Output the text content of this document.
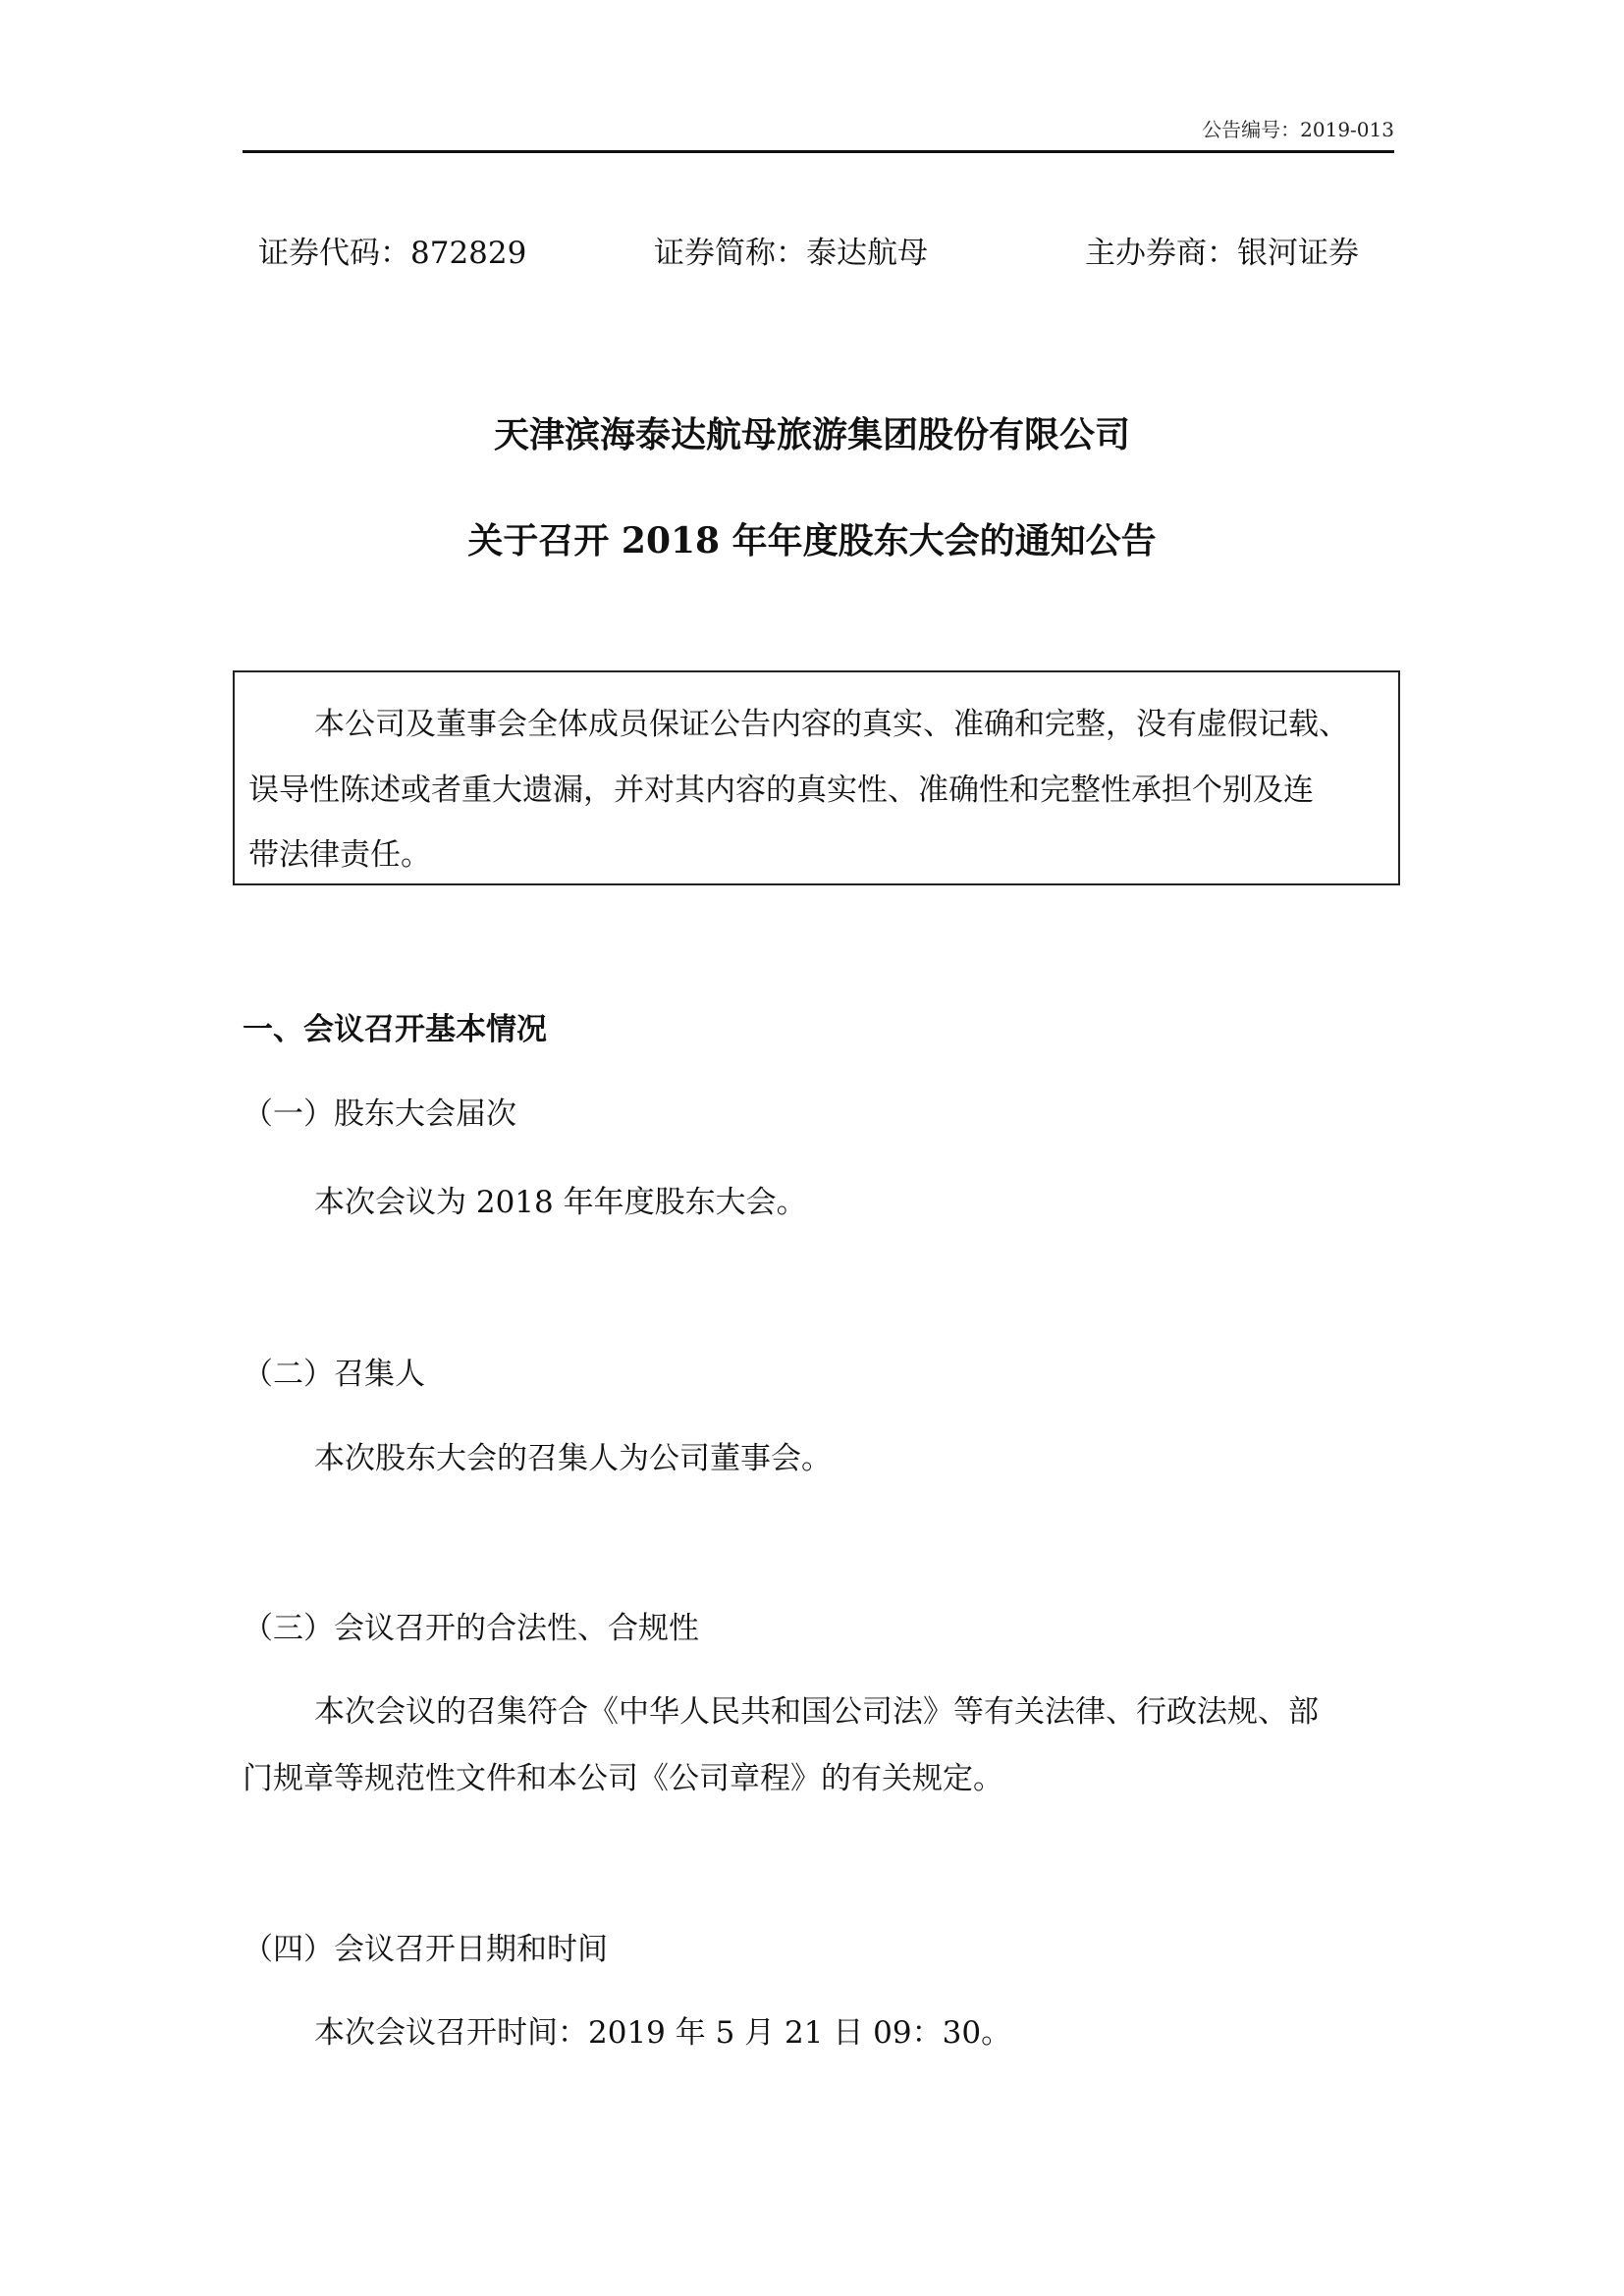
公告编号：2019-013

证券代码：872829	证券简称：泰达航母	主办券商：银河证券

天津滨海泰达航母旅游集团股份有限公司
关于召开 2018 年年度股东大会的通知公告

本公司及董事会全体成员保证公告内容的真实、准确和完整，没有虚假记载、

误导性陈述或者重大遗漏，并对其内容的真实性、准确性和完整性承担个别及连

带法律责任。

一、会议召开基本情况

（一）股东大会届次

本次会议为 2018 年年度股东大会。

（二）召集人

本次股东大会的召集人为公司董事会。

（三）会议召开的合法性、合规性

本次会议的召集符合《中华人民共和国公司法》等有关法律、行政法规、部

门规章等规范性文件和本公司《公司章程》的有关规定。

（四）会议召开日期和时间

本次会议召开时间：2019 年 5 月 21 日 09：30。
